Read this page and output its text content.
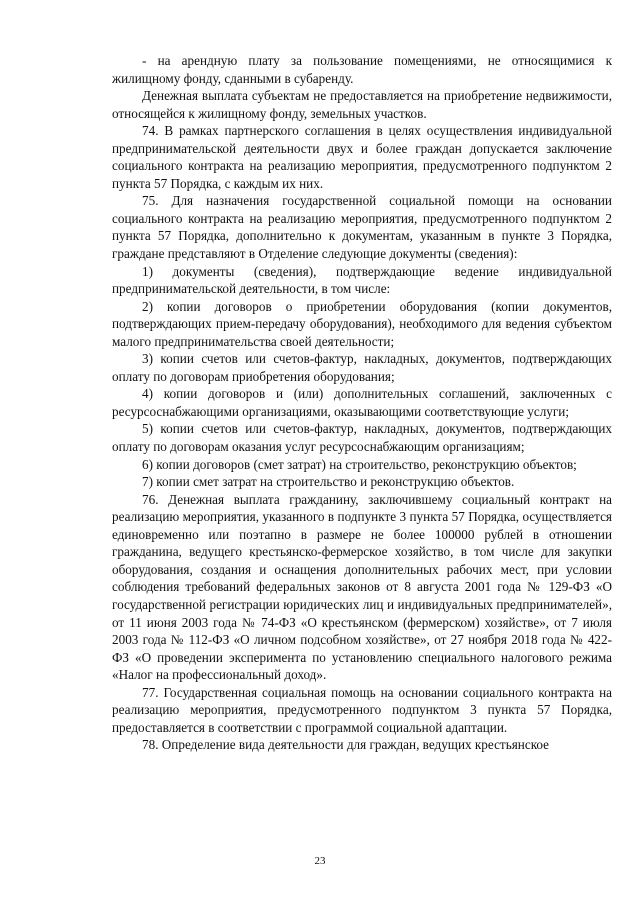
- на арендную плату за пользование помещениями, не относящимися к жилищному фонду, сданными в субаренду.

Денежная выплата субъектам не предоставляется на приобретение недвижимости, относящейся к жилищному фонду, земельных участков.

74. В рамках партнерского соглашения в целях осуществления индивидуальной предпринимательской деятельности двух и более граждан допускается заключение социального контракта на реализацию мероприятия, предусмотренного подпунктом 2 пункта 57 Порядка, с каждым их них.

75. Для назначения государственной социальной помощи на основании социального контракта на реализацию мероприятия, предусмотренного подпунктом 2 пункта 57 Порядка, дополнительно к документам, указанным в пункте 3 Порядка, граждане представляют в Отделение следующие документы (сведения):

1) документы (сведения), подтверждающие ведение индивидуальной предпринимательской деятельности, в том числе:

2) копии договоров о приобретении оборудования (копии документов, подтверждающих прием-передачу оборудования), необходимого для ведения субъектом малого предпринимательства своей деятельности;

3) копии счетов или счетов-фактур, накладных, документов, подтверждающих оплату по договорам приобретения оборудования;

4) копии договоров и (или) дополнительных соглашений, заключенных с ресурсоснабжающими организациями, оказывающими соответствующие услуги;

5) копии счетов или счетов-фактур, накладных, документов, подтверждающих оплату по договорам оказания услуг ресурсоснабжающим организациям;

6) копии договоров (смет затрат) на строительство, реконструкцию объектов;

7) копии смет затрат на строительство и реконструкцию объектов.

76. Денежная выплата гражданину, заключившему социальный контракт на реализацию мероприятия, указанного в подпункте 3 пункта 57 Порядка, осуществляется единовременно или поэтапно в размере не более 100000 рублей в отношении гражданина, ведущего крестьянско-фермерское хозяйство, в том числе для закупки оборудования, создания и оснащения дополнительных рабочих мест, при условии соблюдения требований федеральных законов от 8 августа 2001 года № 129-ФЗ «О государственной регистрации юридических лиц и индивидуальных предпринимателей», от 11 июня 2003 года № 74-ФЗ «О крестьянском (фермерском) хозяйстве», от 7 июля 2003 года № 112-ФЗ «О личном подсобном хозяйстве», от 27 ноября 2018 года № 422-ФЗ «О проведении эксперимента по установлению специального налогового режима «Налог на профессиональный доход».

77. Государственная социальная помощь на основании социального контракта на реализацию мероприятия, предусмотренного подпунктом 3 пункта 57 Порядка, предоставляется в соответствии с программой социальной адаптации.

78. Определение вида деятельности для граждан, ведущих крестьянское

23
